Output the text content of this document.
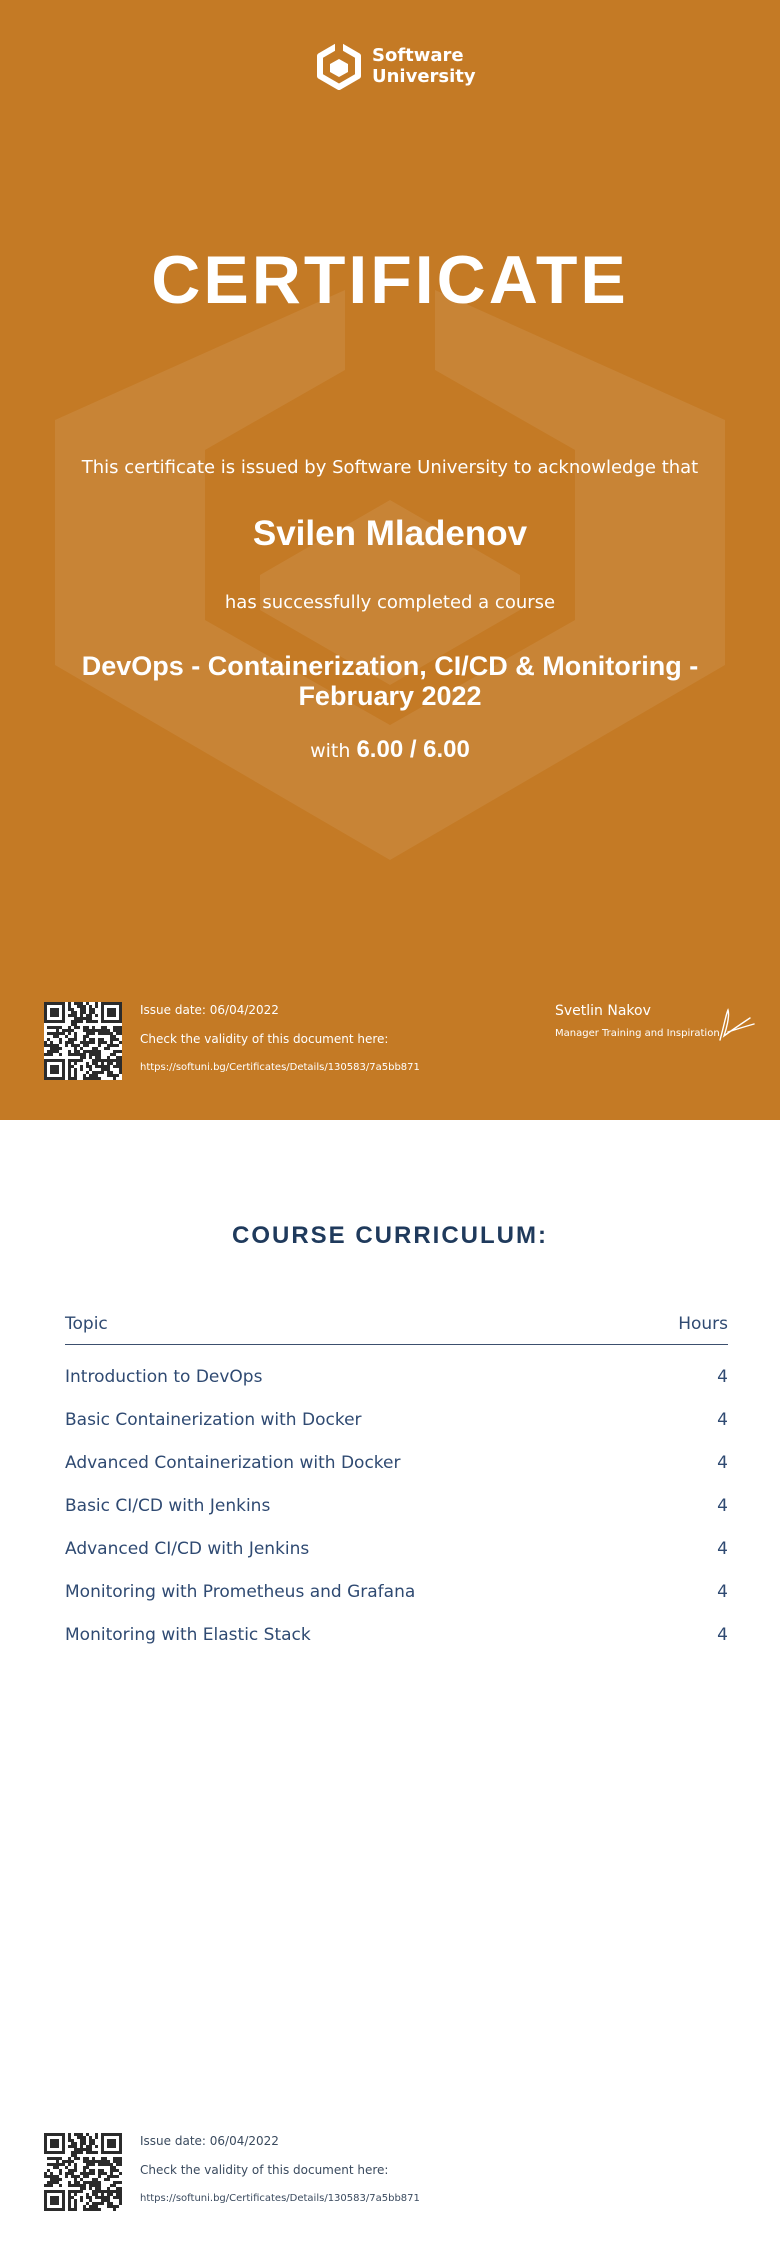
Software
University
CERTIFICATE
This certificate is issued by Software University to acknowledge that
Svilen Mladenov
has successfully completed a course
DevOps - Containerization, CI/CD & Monitoring - February 2022
with 6.00 / 6.00
Issue date: 06/04/2022
Check the validity of this document here:
https://softuni.bg/Certificates/Details/130583/7a5bb871
Svetlin Nakov
Manager Training and Inspiration
COURSE CURRICULUM:
Topic	Hours
Introduction to DevOps	4
Basic Containerization with Docker	4
Advanced Containerization with Docker	4
Basic CI/CD with Jenkins	4
Advanced CI/CD with Jenkins	4
Monitoring with Prometheus and Grafana	4
Monitoring with Elastic Stack	4
Issue date: 06/04/2022
Check the validity of this document here:
https://softuni.bg/Certificates/Details/130583/7a5bb871
